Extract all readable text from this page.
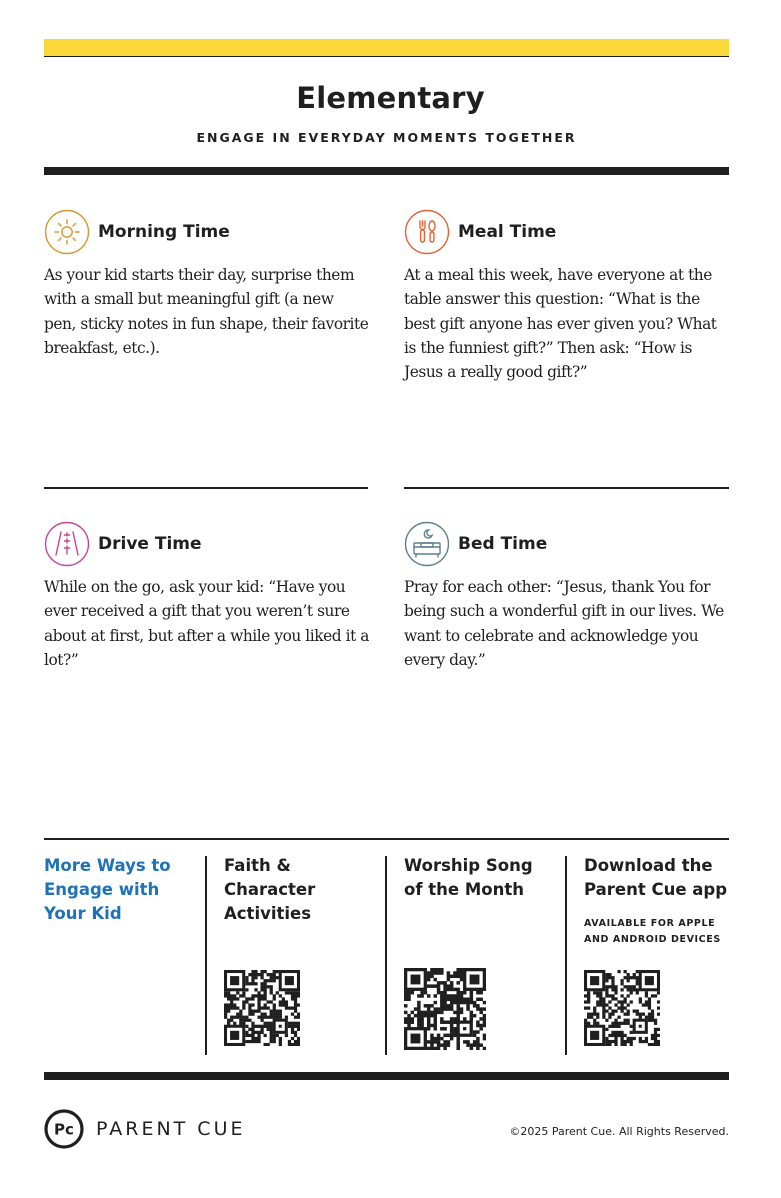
Elementary
ENGAGE IN EVERYDAY MOMENTS TOGETHER
Morning Time

As your kid starts their day, surprise them with a small but meaningful gift (a new pen, sticky notes in fun shape, their favorite breakfast, etc.).

Meal Time

At a meal this week, have everyone at the table answer this question: “What is the best gift anyone has ever given you? What is the funniest gift?” Then ask: “How is Jesus a really good gift?”

Drive Time

While on the go, ask your kid: “Have you ever received a gift that you weren’t sure about at first, but after a while you liked it a lot?”

Bed Time

Pray for each other: “Jesus, thank You for being such a wonderful gift in our lives. We want to celebrate and acknowledge you every day.”

More Ways to Engage with Your Kid
Faith & Character Activities
Worship Song of the Month
Download the Parent Cue app
AVAILABLE FOR APPLE AND ANDROID DEVICES
Pc PARENT CUE	©2025 Parent Cue. All Rights Reserved.
